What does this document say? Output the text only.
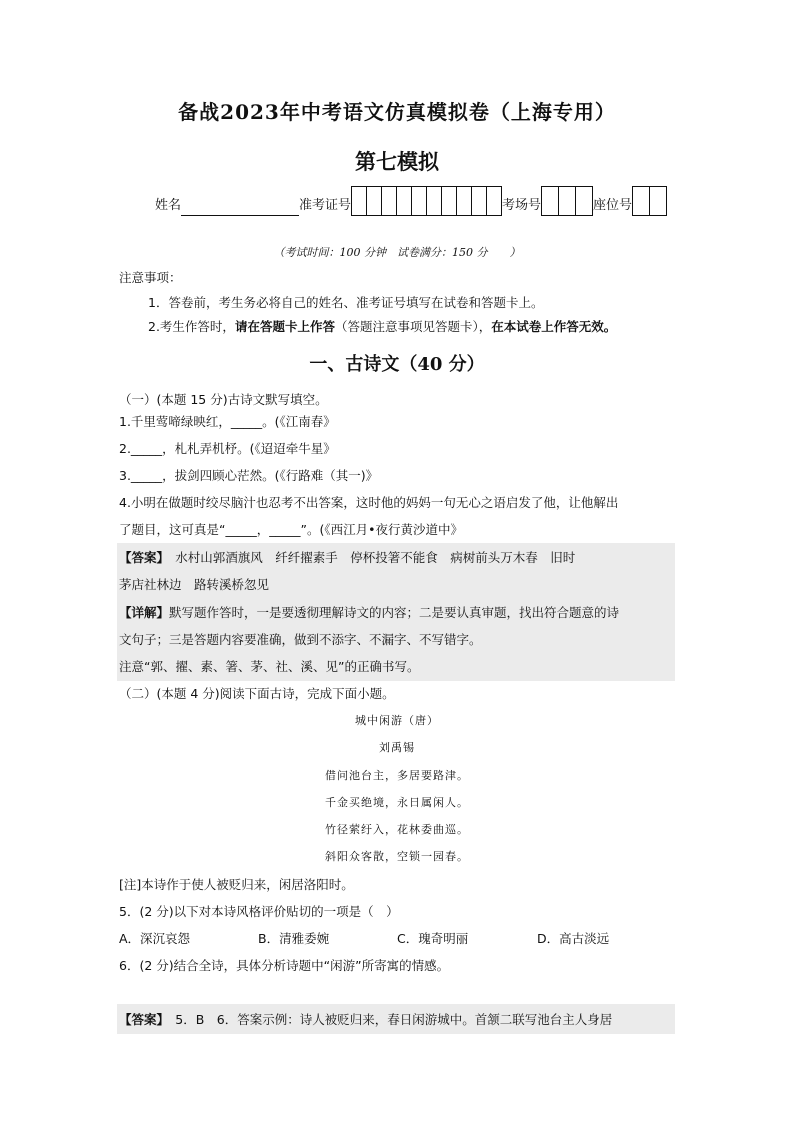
备战2023年中考语文仿真模拟卷（上海专用）
第七模拟
姓名	准考证号	考场号	座位号
（考试时间：100 分钟　试卷满分：150 分　　）
注意事项：
1．答卷前，考生务必将自己的姓名、准考证号填写在试卷和答题卡上。
2.考生作答时，请在答题卡上作答（答题注意事项见答题卡），在本试卷上作答无效。
一、古诗文（40 分）
（一）(本题 15 分)古诗文默写填空。
1.千里莺啼绿映红，_____。(《江南春》
2._____，札札弄机杼。(《迢迢牵牛星》
3._____，拔剑四顾心茫然。(《行路难（其一)》
4.小明在做题时绞尽脑汁也忍考不出答案，这时他的妈妈一句无心之语启发了他，让他解出
了题目，这可真是“_____，_____”。(《西江月•夜行黄沙道中》
【答案】　水村山郭酒旗风　纤纤擢素手　停杯投箸不能食　病树前头万木春　旧时
茅店社林边　路转溪桥忽见
【详解】默写题作答时，一是要透彻理解诗文的内容；二是要认真审题，找出符合题意的诗
文句子；三是答题内容要准确，做到不添字、不漏字、不写错字。
注意“郭、擢、素、箸、茅、社、溪、见”的正确书写。
（二）(本题 4 分)阅读下面古诗，完成下面小题。
城中闲游（唐）
刘禹锡
借问池台主，多居要路津。
千金买绝境，永日属闲人。
竹径萦纡入，花林委曲巡。
斜阳众客散，空锁一园春。
[注]本诗作于使人被贬归来，闲居洛阳时。
5．(2 分)以下对本诗风格评价贴切的一项是（　）
A．深沉哀怨	B．清雅委婉	C．瑰奇明丽	D．高古淡远
6．(2 分)结合全诗，具体分析诗题中“闲游”所寄寓的情感。
【答案】　5．B　6．答案示例：诗人被贬归来，春日闲游城中。首颔二联写池台主人身居
